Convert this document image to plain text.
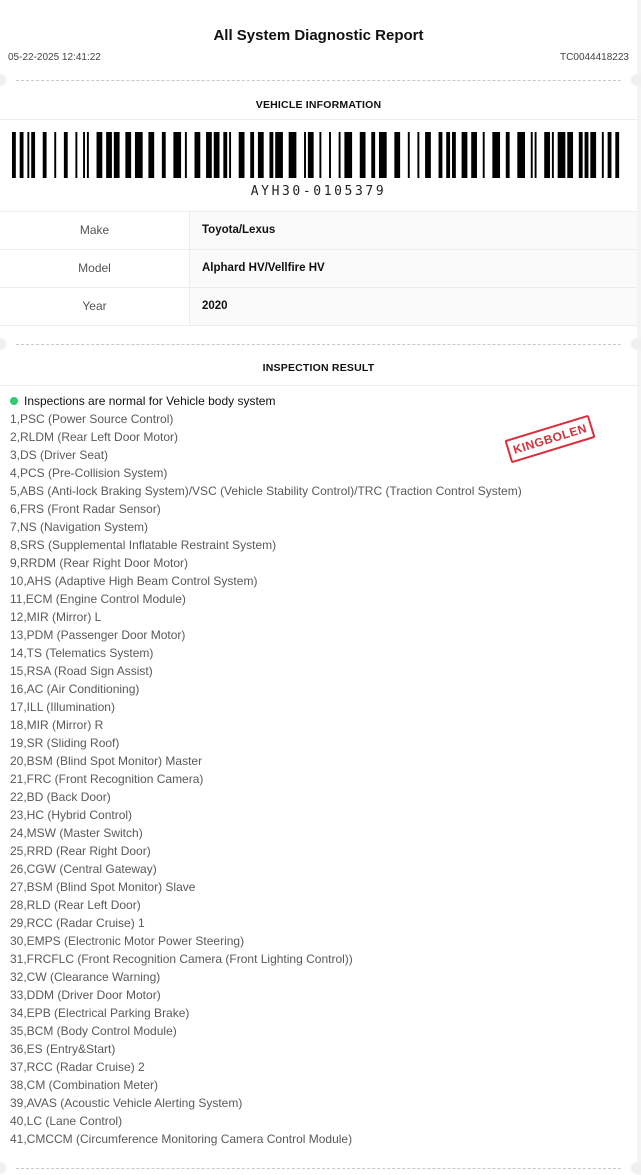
All System Diagnostic Report
05-22-2025 12:41:22	TC0044418223
VEHICLE INFORMATION
AYH30-0105379
Make	Toyota/Lexus
Model	Alphard HV/Vellfire HV
Year	2020
INSPECTION RESULT
Inspections are normal for Vehicle body system
1,PSC (Power Source Control)
2,RLDM (Rear Left Door Motor)
3,DS (Driver Seat)
4,PCS (Pre-Collision System)
5,ABS (Anti-lock Braking System)/VSC (Vehicle Stability Control)/TRC (Traction Control System)
6,FRS (Front Radar Sensor)
7,NS (Navigation System)
8,SRS (Supplemental Inflatable Restraint System)
9,RRDM (Rear Right Door Motor)
10,AHS (Adaptive High Beam Control System)
11,ECM (Engine Control Module)
12,MIR (Mirror) L
13,PDM (Passenger Door Motor)
14,TS (Telematics System)
15,RSA (Road Sign Assist)
16,AC (Air Conditioning)
17,ILL (Illumination)
18,MIR (Mirror) R
19,SR (Sliding Roof)
20,BSM (Blind Spot Monitor) Master
21,FRC (Front Recognition Camera)
22,BD (Back Door)
23,HC (Hybrid Control)
24,MSW (Master Switch)
25,RRD (Rear Right Door)
26,CGW (Central Gateway)
27,BSM (Blind Spot Monitor) Slave
28,RLD (Rear Left Door)
29,RCC (Radar Cruise) 1
30,EMPS (Electronic Motor Power Steering)
31,FRCFLC (Front Recognition Camera (Front Lighting Control))
32,CW (Clearance Warning)
33,DDM (Driver Door Motor)
34,EPB (Electrical Parking Brake)
35,BCM (Body Control Module)
36,ES (Entry&Start)
37,RCC (Radar Cruise) 2
38,CM (Combination Meter)
39,AVAS (Acoustic Vehicle Alerting System)
40,LC (Lane Control)
41,CMCCM (Circumference Monitoring Camera Control Module)
KINGBOLEN
